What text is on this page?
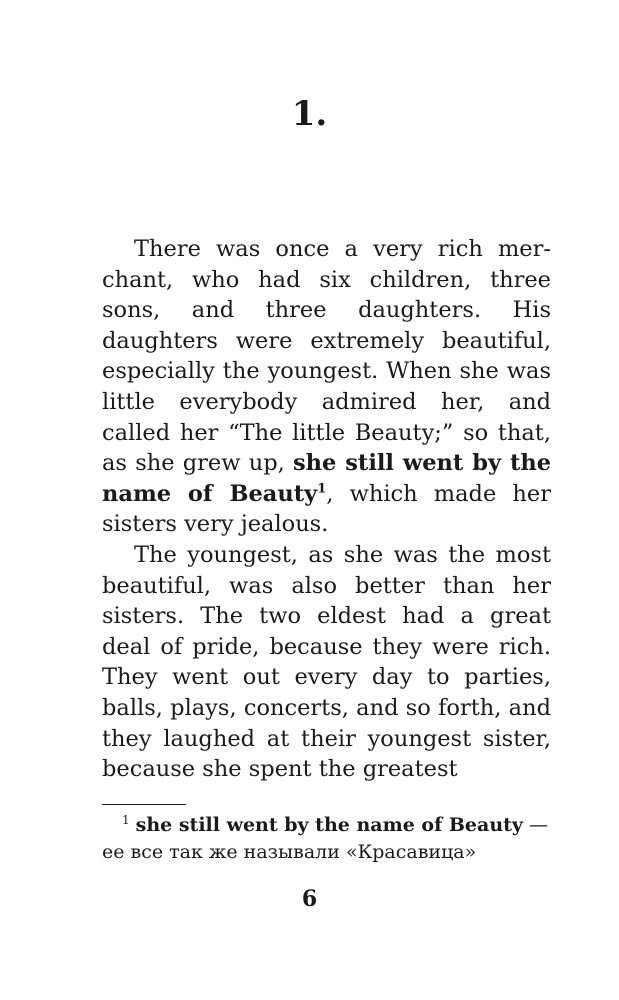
1.

There was once a very rich merchant, who had six children, three sons, and three daughters. His daughters were extremely beautiful, especially the youngest. When she was little everybody admired her, and called her “The little Beauty;” so that, as she grew up, she still went by the name of Beauty$^1$, which made her sisters very jealous.

The youngest, as she was the most beautiful, was also better than her sisters. The two eldest had a great deal of pride, because they were rich. They went out every day to parties, balls, plays, concerts, and so forth, and they laughed at their youngest sister, because she spent the greatest

$^1$ she still went by the name of Beauty —
ее все так же называли «Красавица»
6
